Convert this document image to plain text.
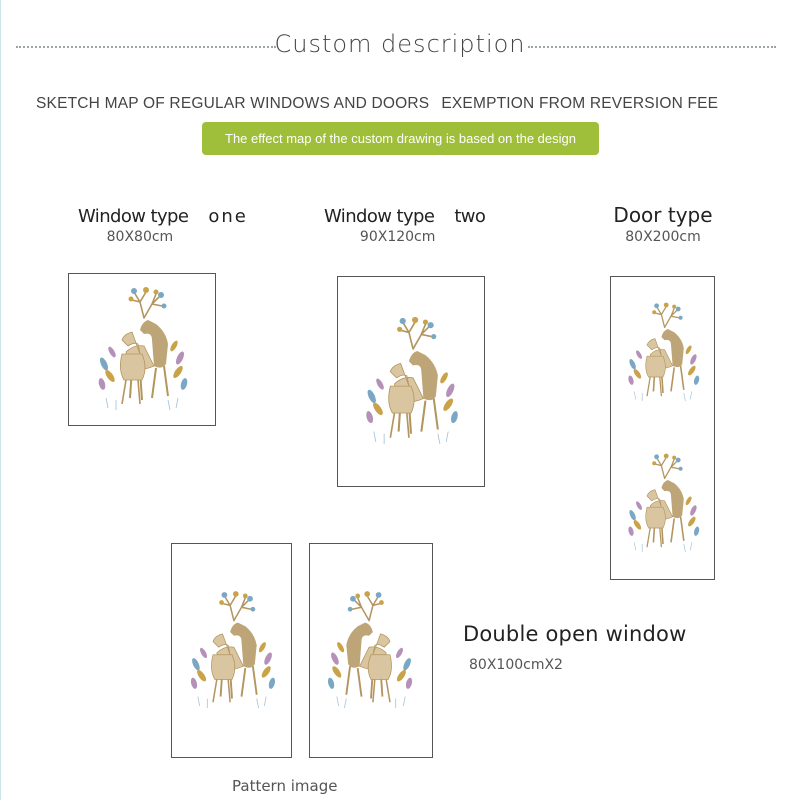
Custom description
SKETCH MAP OF REGULAR WINDOWS AND DOORS EXEMPTION FROM REVERSION FEE
The effect map of the custom drawing is based on the design
Window type one
80X80cm
Window type two
90X120cm
Door type
80X200cm
Double open window
80X100cmX2
Pattern image
